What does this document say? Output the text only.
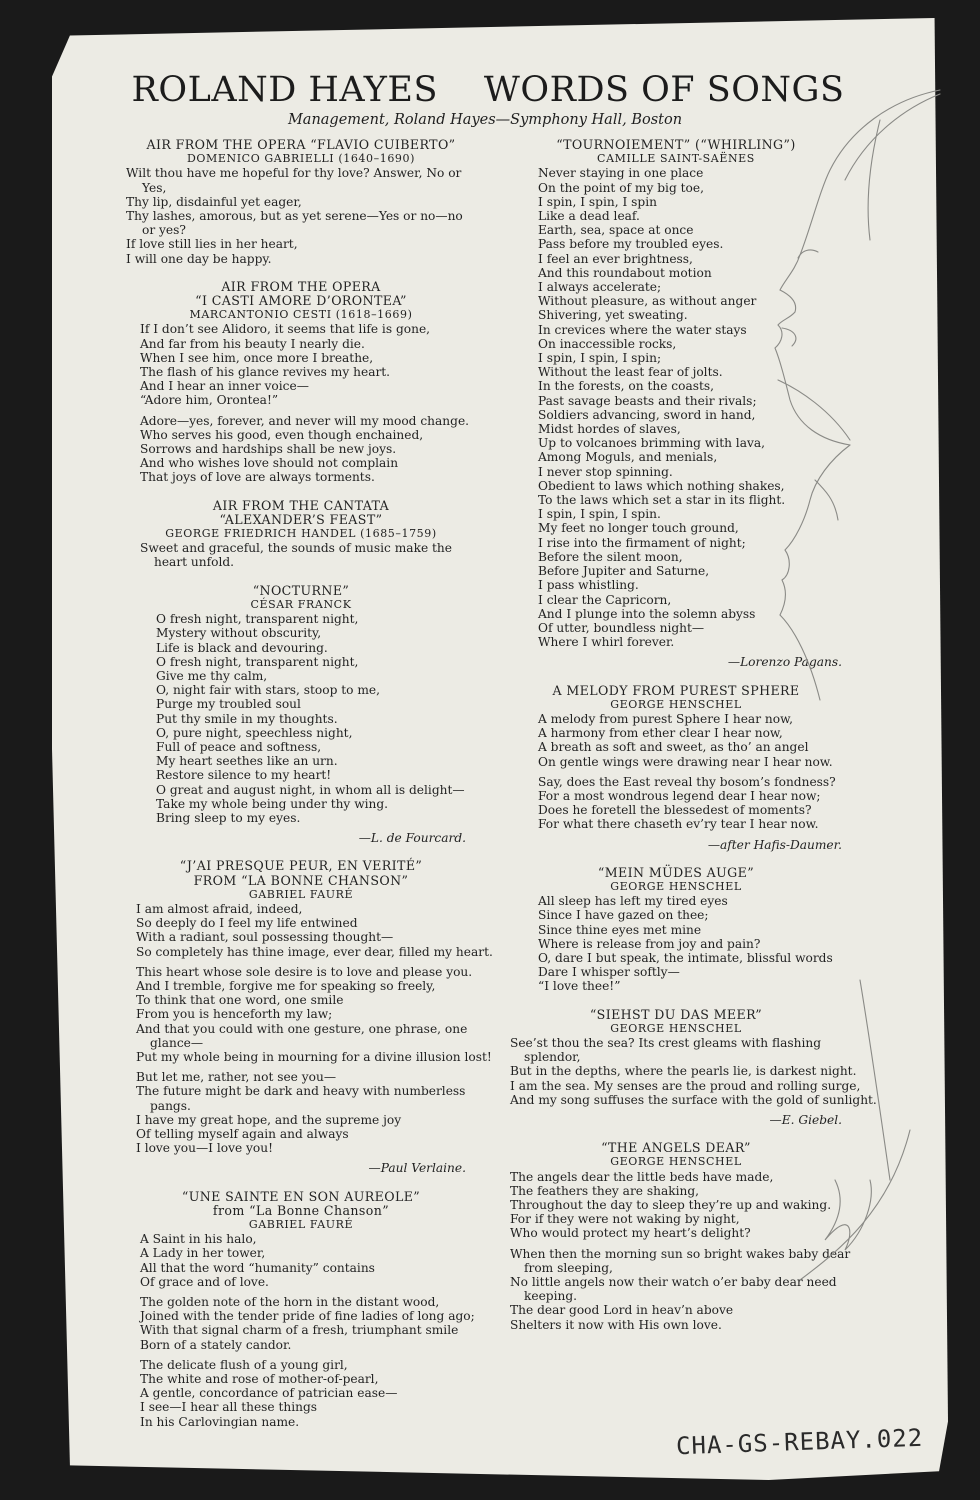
ROLAND HAYES WORDS OF SONGS
Management, Roland Hayes—Symphony Hall, Boston
AIR FROM THE OPERA “FLAVIO CUIBERTO”
DOMENICO GABRIELLI (1640–1690)
Wilt thou have me hopeful for thy love? Answer, No or
Yes,
Thy lip, disdainful yet eager,
Thy lashes, amorous, but as yet serene—Yes or no—no
or yes?
If love still lies in her heart,
I will one day be happy.
AIR FROM THE OPERA
“I CASTI AMORE D’ORONTEA”
MARCANTONIO CESTI (1618–1669)
If I don’t see Alidoro, it seems that life is gone,
And far from his beauty I nearly die.
When I see him, once more I breathe,
The flash of his glance revives my heart.
And I hear an inner voice—
“Adore him, Orontea!”
Adore—yes, forever, and never will my mood change.
Who serves his good, even though enchained,
Sorrows and hardships shall be new joys.
And who wishes love should not complain
That joys of love are always torments.
AIR FROM THE CANTATA
“ALEXANDER’S FEAST”
GEORGE FRIEDRICH HANDEL (1685–1759)
Sweet and graceful, the sounds of music make the
heart unfold.
“NOCTURNE”
CÉSAR FRANCK
O fresh night, transparent night,
Mystery without obscurity,
Life is black and devouring.
O fresh night, transparent night,
Give me thy calm,
O, night fair with stars, stoop to me,
Purge my troubled soul
Put thy smile in my thoughts.
O, pure night, speechless night,
Full of peace and softness,
My heart seethes like an urn.
Restore silence to my heart!
O great and august night, in whom all is delight—
Take my whole being under thy wing.
Bring sleep to my eyes.
—L. de Fourcard.
“J’AI PRESQUE PEUR, EN VERITÉ”
FROM “LA BONNE CHANSON”
GABRIEL FAURÉ
I am almost afraid, indeed,
So deeply do I feel my life entwined
With a radiant, soul possessing thought—
So completely has thine image, ever dear, filled my heart.
This heart whose sole desire is to love and please you.
And I tremble, forgive me for speaking so freely,
To think that one word, one smile
From you is henceforth my law;
And that you could with one gesture, one phrase, one
glance—
Put my whole being in mourning for a divine illusion lost!
But let me, rather, not see you—
The future might be dark and heavy with numberless
pangs.
I have my great hope, and the supreme joy
Of telling myself again and always
I love you—I love you!
—Paul Verlaine.
“UNE SAINTE EN SON AUREOLE”
from “La Bonne Chanson”
GABRIEL FAURÉ
A Saint in his halo,
A Lady in her tower,
All that the word “humanity” contains
Of grace and of love.
The golden note of the horn in the distant wood,
Joined with the tender pride of fine ladies of long ago;
With that signal charm of a fresh, triumphant smile
Born of a stately candor.
The delicate flush of a young girl,
The white and rose of mother-of-pearl,
A gentle, concordance of patrician ease—
I see—I hear all these things
In his Carlovingian name.
“TOURNOIEMENT” (“WHIRLING”)
CAMILLE SAINT-SAËNES
Never staying in one place
On the point of my big toe,
I spin, I spin, I spin
Like a dead leaf.
Earth, sea, space at once
Pass before my troubled eyes.
I feel an ever brightness,
And this roundabout motion
I always accelerate;
Without pleasure, as without anger
Shivering, yet sweating.
In crevices where the water stays
On inaccessible rocks,
I spin, I spin, I spin;
Without the least fear of jolts.
In the forests, on the coasts,
Past savage beasts and their rivals;
Soldiers advancing, sword in hand,
Midst hordes of slaves,
Up to volcanoes brimming with lava,
Among Moguls, and menials,
I never stop spinning.
Obedient to laws which nothing shakes,
To the laws which set a star in its flight.
I spin, I spin, I spin.
My feet no longer touch ground,
I rise into the firmament of night;
Before the silent moon,
Before Jupiter and Saturne,
I pass whistling.
I clear the Capricorn,
And I plunge into the solemn abyss
Of utter, boundless night—
Where I whirl forever.
—Lorenzo Pagans.
A MELODY FROM PUREST SPHERE
GEORGE HENSCHEL
A melody from purest Sphere I hear now,
A harmony from ether clear I hear now,
A breath as soft and sweet, as tho’ an angel
On gentle wings were drawing near I hear now.
Say, does the East reveal thy bosom’s fondness?
For a most wondrous legend dear I hear now;
Does he foretell the blessedest of moments?
For what there chaseth ev’ry tear I hear now.
—after Hafis-Daumer.
“MEIN MÜDES AUGE”
GEORGE HENSCHEL
All sleep has left my tired eyes
Since I have gazed on thee;
Since thine eyes met mine
Where is release from joy and pain?
O, dare I but speak, the intimate, blissful words
Dare I whisper softly—
“I love thee!”
“SIEHST DU DAS MEER”
GEORGE HENSCHEL
See’st thou the sea? Its crest gleams with flashing
splendor,
But in the depths, where the pearls lie, is darkest night.
I am the sea. My senses are the proud and rolling surge,
And my song suffuses the surface with the gold of sunlight.
—E. Giebel.
“THE ANGELS DEAR”
GEORGE HENSCHEL
The angels dear the little beds have made,
The feathers they are shaking,
Throughout the day to sleep they’re up and waking.
For if they were not waking by night,
Who would protect my heart’s delight?
When then the morning sun so bright wakes baby dear
from sleeping,
No little angels now their watch o’er baby dear need
keeping.
The dear good Lord in heav’n above
Shelters it now with His own love.
CHA-GS-REBAY.022
